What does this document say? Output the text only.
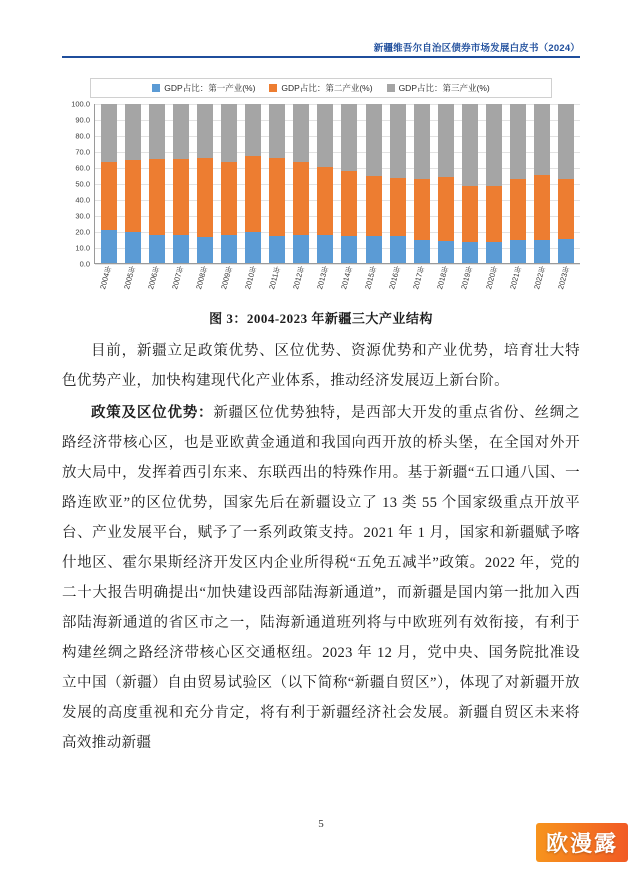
新疆维吾尔自治区债券市场发展白皮书（2024）
GDP占比：第一产业(%)	GDP占比：第二产业(%)	GDP占比：第三产业(%)
0.0
10.0
20.0
30.0
40.0
50.0
60.0
70.0
80.0
90.0
100.0
2004年	2005年	2006年	2007年	2008年	2009年	2010年	2011年	2012年	2013年	2014年	2015年	2016年	2017年	2018年	2019年	2020年	2021年	2022年	2023年
图 3：2004-2023 年新疆三大产业结构

目前，新疆立足政策优势、区位优势、资源优势和产业优势，培育壮大特色优势产业，加快构建现代化产业体系，推动经济发展迈上新台阶。

政策及区位优势：新疆区位优势独特，是西部大开发的重点省份、丝绸之路经济带核心区，也是亚欧黄金通道和我国向西开放的桥头堡，在全国对外开放大局中，发挥着西引东来、东联西出的特殊作用。基于新疆“五口通八国、一路连欧亚”的区位优势，国家先后在新疆设立了 13 类 55 个国家级重点开放平台、产业发展平台，赋予了一系列政策支持。2021 年 1 月，国家和新疆赋予喀什地区、霍尔果斯经济开发区内企业所得税“五免五减半”政策。2022 年，党的二十大报告明确提出“加快建设西部陆海新通道”，而新疆是国内第一批加入西部陆海新通道的省区市之一，陆海新通道班列将与中欧班列有效衔接，有利于构建丝绸之路经济带核心区交通枢纽。2023 年 12 月，党中央、国务院批准设立中国（新疆）自由贸易试验区（以下简称“新疆自贸区”），体现了对新疆开放发展的高度重视和充分肯定，将有利于新疆经济社会发展。新疆自贸区未来将高效推动新疆

5
欧漫露
